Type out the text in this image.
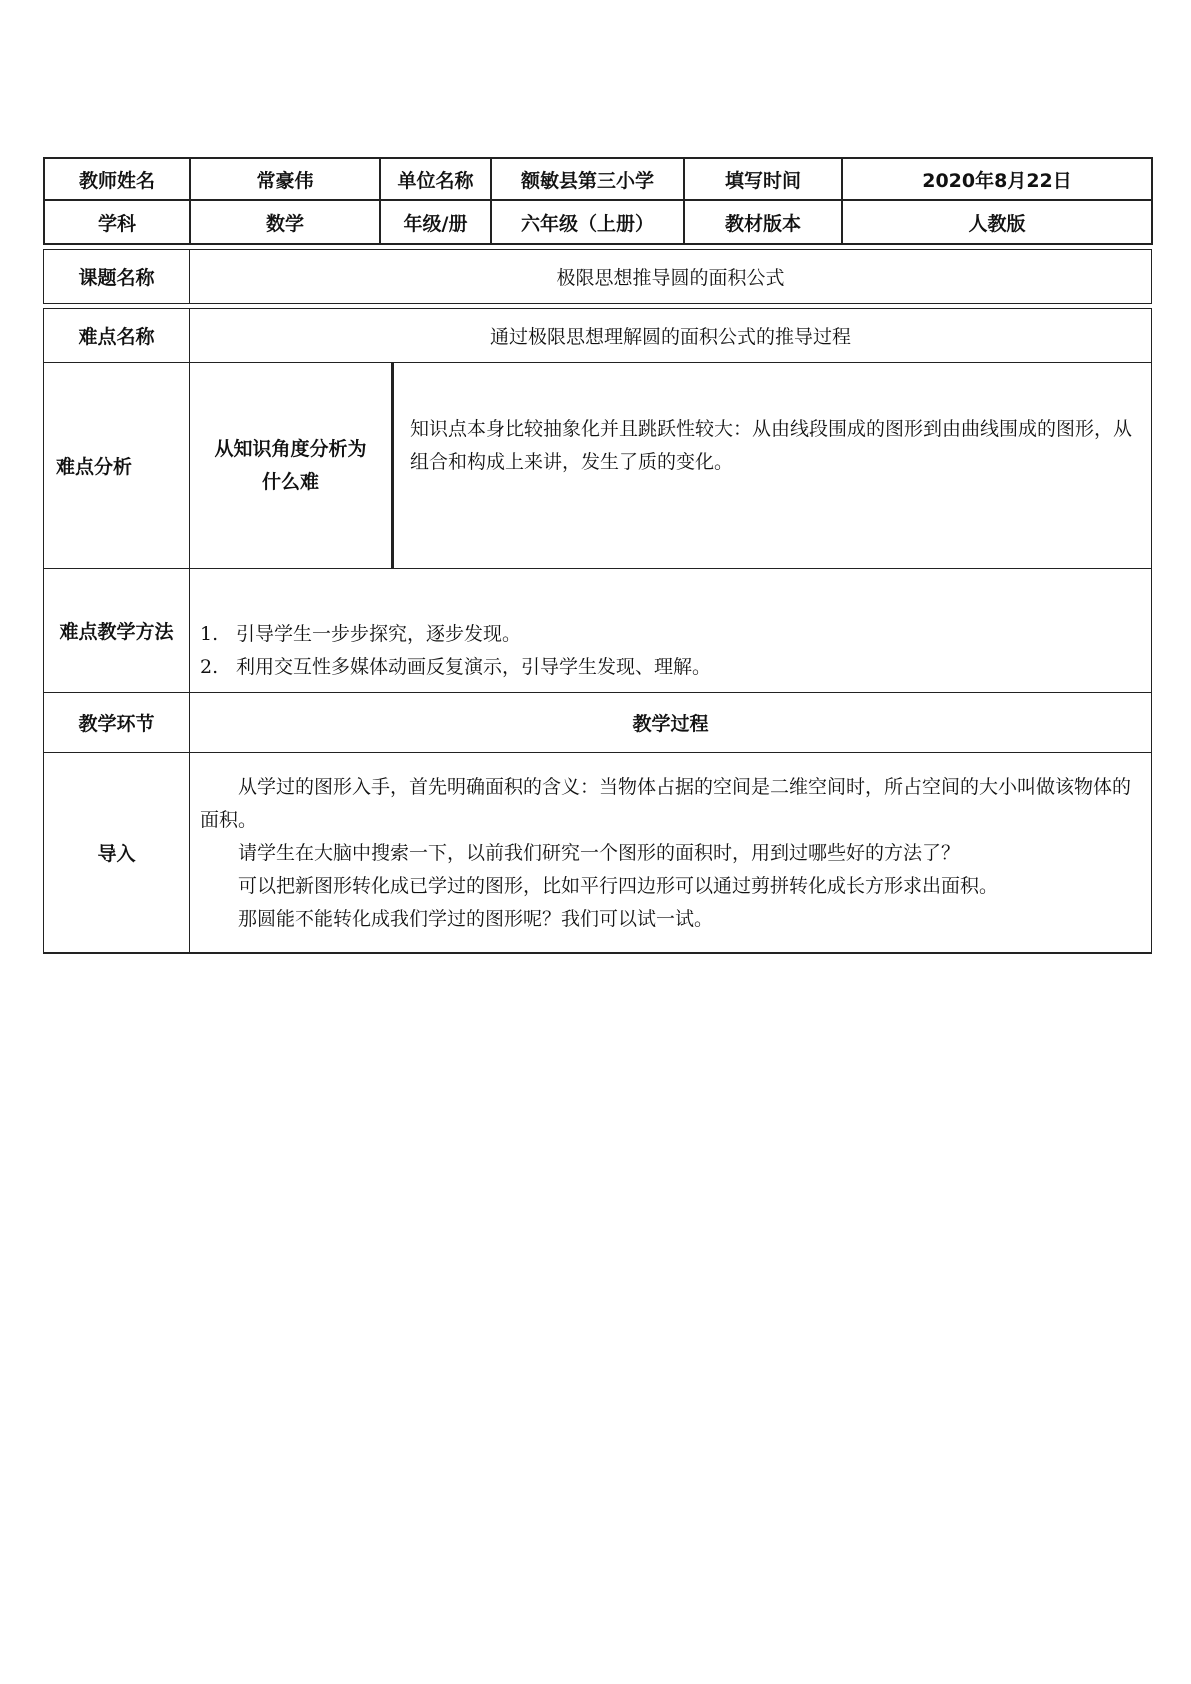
教师姓名	常豪伟	单位名称	额敏县第三小学	填写时间	2020年8月22日
学科	数学	年级/册	六年级（上册）	教材版本	人教版
课题名称	极限思想推导圆的面积公式	

难点名称	通过极限思想理解圆的面积公式的推导过程	
难点分析	从知识角度分析为什么难	知识点本身比较抽象化并且跳跃性较大：从由线段围成的图形到由曲线围成的图形，从组合和构成上来讲，发生了质的变化。

难点教学方法	1. 引导学生一步步探究，逐步发现。

2. 利用交互性多媒体动画反复演示，引导学生发现、理解。	

教学环节	教学过程	
导入	从学过的图形入手，首先明确面积的含义：当物体占据的空间是二维空间时，所占空间的大小叫做该物体的面积。

请学生在大脑中搜索一下，以前我们研究一个图形的面积时，用到过哪些好的方法了？

可以把新图形转化成已学过的图形，比如平行四边形可以通过剪拼转化成长方形求出面积。

那圆能不能转化成我们学过的图形呢？我们可以试一试。	
